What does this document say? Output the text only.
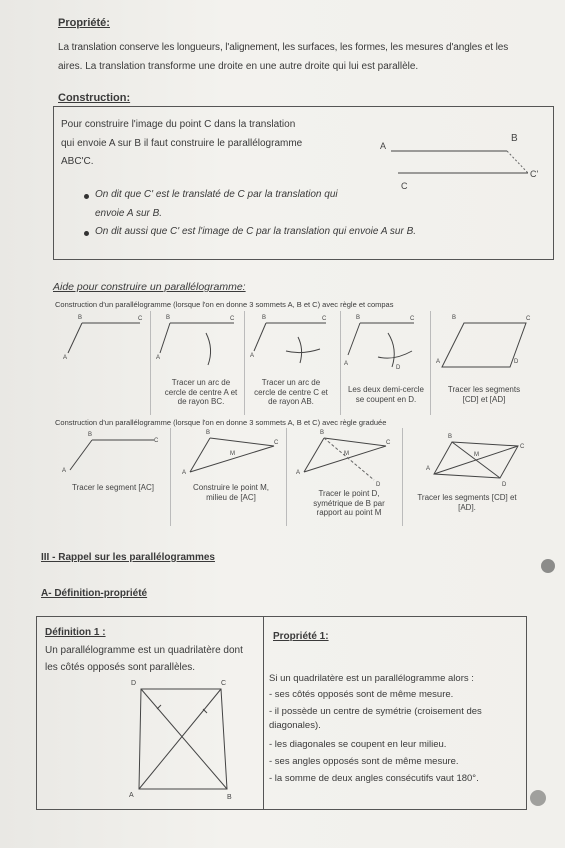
Propriété:
La translation conserve les longueurs, l'alignement, les surfaces, les formes, les mesures d'angles et les
aires. La translation transforme une droite en une autre droite qui lui est parallèle.
Construction:
Pour construire l'image du point C dans la translation
qui envoie A sur B il faut construire le parallélogramme
ABC'C.
On dit que C' est le translaté de C par la translation qui
envoie A sur B.
On dit aussi que C' est l'image de C par la translation qui envoie A sur B.
A
B
C
C'
Aide pour construire un parallélogramme:
Construction d'un parallélogramme (lorsque l'on en donne 3 sommets A, B et C) avec règle et compas
B	C
A
B	C
A
Tracer un arc de
cercle de centre A et
de rayon BC.
B	C
A
Tracer un arc de
cercle de centre C et
de rayon AB.
B	C
A
D
Les deux demi-cercle
se coupent en D.
B	C
A	D
Tracer les segments
[CD] et [AD]
Construction d'un parallélogramme (lorsque l'on en donne 3 sommets A, B et C) avec règle graduée
B
C
A
Tracer le segment [AC]
B
C
A
M
Construire le point M,
milieu de [AC]
B
C
A
M
D
Tracer le point D,
symétrique de B par
rapport au point M
B
C
A
M
D
Tracer les segments [CD] et
[AD].
III - Rappel sur les parallélogrammes
A- Définition-propriété
Définition 1 :
Un parallélogramme est un quadrilatère dont
les côtés opposés sont parallèles.
D	C
A	B
Propriété 1:
Si un quadrilatère est un parallélogramme alors :
- ses côtés opposés sont de même mesure.
- il possède un centre de symétrie (croisement des
diagonales).
- les diagonales se coupent en leur milieu.
- ses angles opposés sont de même mesure.
- la somme de deux angles consécutifs vaut 180°.
